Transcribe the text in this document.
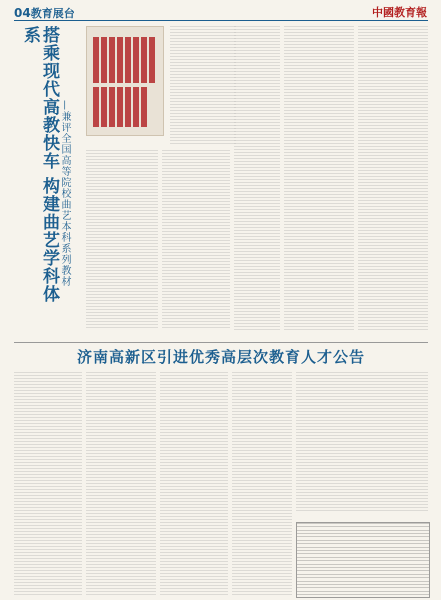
04教育展台	中國教育報
搭乘现代高教快车 构建曲艺学科体系
—兼评全国高等院校曲艺本科系列教材
济南高新区引进优秀高层次教育人才公告
